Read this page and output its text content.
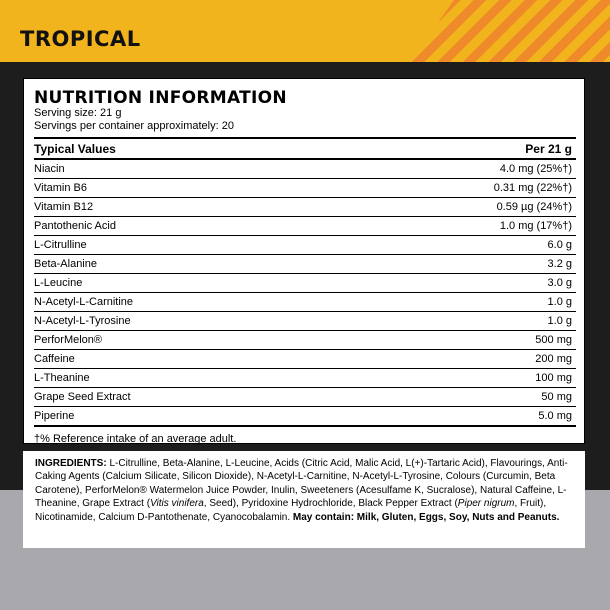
TROPICAL
NUTRITION INFORMATION
Serving size: 21 g
Servings per container approximately: 20
Typical Values	Per 21 g
Niacin	4.0 mg (25%†)
Vitamin B6	0.31 mg (22%†)
Vitamin B12	0.59 µg (24%†)
Pantothenic Acid	1.0 mg (17%†)
L-Citrulline	6.0 g
Beta-Alanine	3.2 g
L-Leucine	3.0 g
N-Acetyl-L-Carnitine	1.0 g
N-Acetyl-L-Tyrosine	1.0 g
PerforMelon®	500 mg
Caffeine	200 mg
L-Theanine	100 mg
Grape Seed Extract	50 mg
Piperine	5.0 mg
†% Reference intake of an average adult.
INGREDIENTS: L-Citrulline, Beta-Alanine, L-Leucine, Acids (Citric Acid, Malic Acid, L(+)-Tartaric Acid), Flavourings, Anti-Caking Agents (Calcium Silicate, Silicon Dioxide), N-Acetyl-L-Carnitine, N-Acetyl-L-Tyrosine, Colours (Curcumin, Beta Carotene), PerforMelon® Watermelon Juice Powder, Inulin, Sweeteners (Acesulfame K, Sucralose), Natural Caffeine, L-Theanine, Grape Extract (Vitis vinifera, Seed), Pyridoxine Hydrochloride, Black Pepper Extract (Piper nigrum, Fruit), Nicotinamide, Calcium D-Pantothenate, Cyanocobalamin. May contain: Milk, Gluten, Eggs, Soy, Nuts and Peanuts.
